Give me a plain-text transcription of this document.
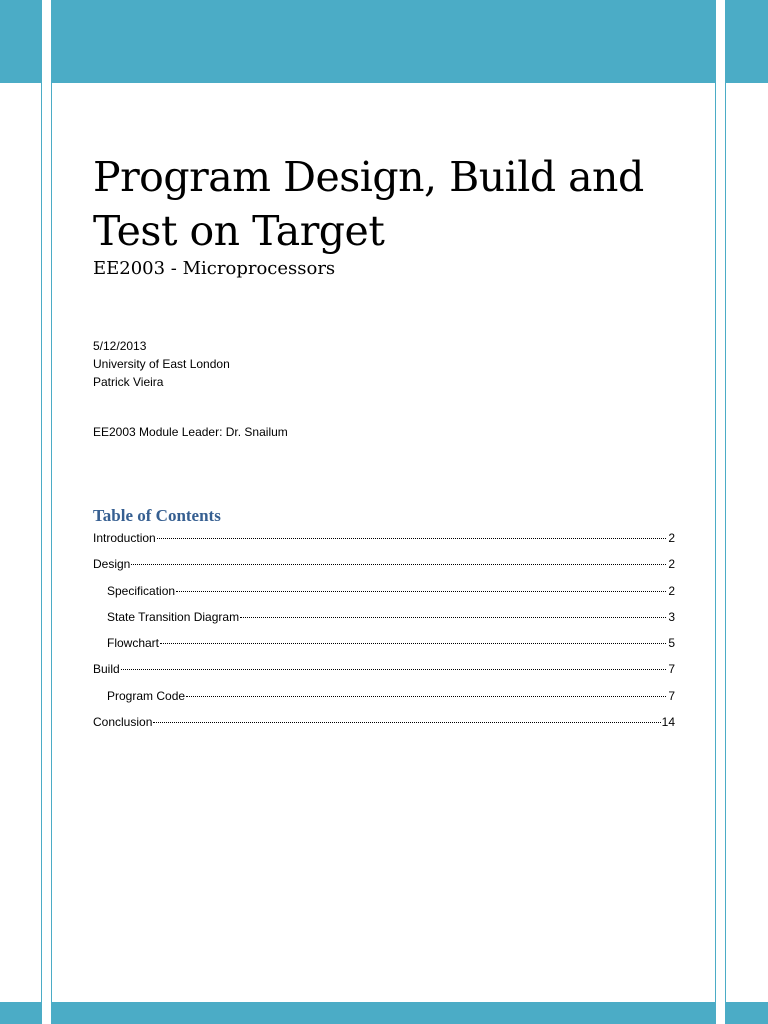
Program Design, Build and
Test on Target
EE2003 - Microprocessors
5/12/2013
University of East London
Patrick Vieira
EE2003 Module Leader: Dr. Snailum
Table of Contents
Introduction	2
Design	2
Specification	2
State Transition Diagram	3
Flowchart	5
Build	7
Program Code	7
Conclusion	14
